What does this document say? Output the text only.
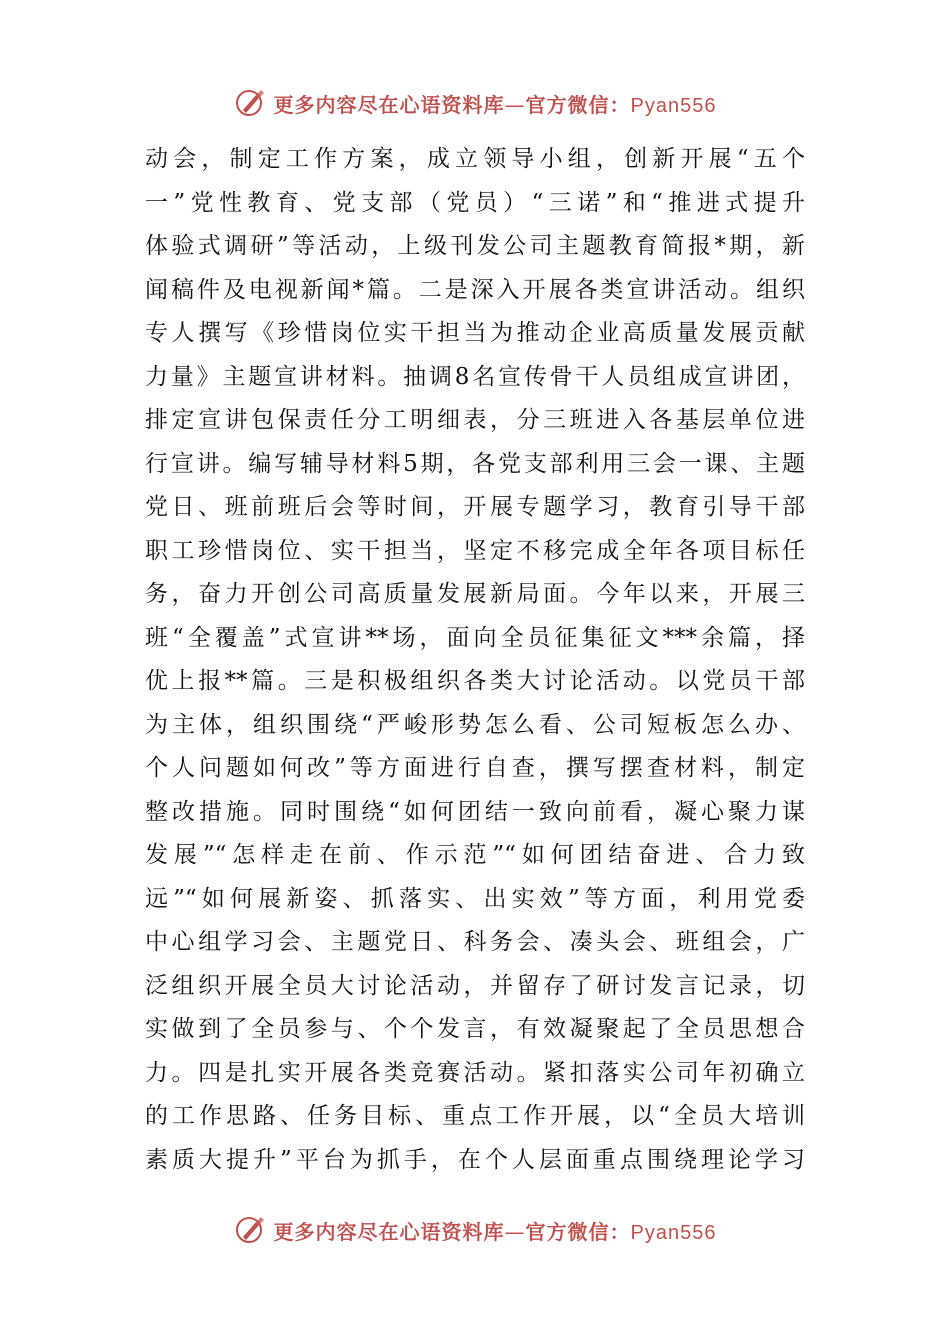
更多内容尽在心语资料库—官方微信：Pyan556
动会，制定工作方案，成立领导小组，创新开展“五个
一”党性教育、党支部（党员）“三诺”和“推进式提升
体验式调研”等活动，上级刊发公司主题教育简报*期，新
闻稿件及电视新闻*篇。二是深入开展各类宣讲活动。组织
专人撰写《珍惜岗位实干担当为推动企业高质量发展贡献
力量》主题宣讲材料。抽调8名宣传骨干人员组成宣讲团，
排定宣讲包保责任分工明细表，分三班进入各基层单位进
行宣讲。编写辅导材料5期，各党支部利用三会一课、主题
党日、班前班后会等时间，开展专题学习，教育引导干部
职工珍惜岗位、实干担当，坚定不移完成全年各项目标任
务，奋力开创公司高质量发展新局面。今年以来，开展三
班“全覆盖”式宣讲**场，面向全员征集征文***余篇，择
优上报**篇。三是积极组织各类大讨论活动。以党员干部
为主体，组织围绕“严峻形势怎么看、公司短板怎么办、
个人问题如何改”等方面进行自查，撰写摆查材料，制定
整改措施。同时围绕“如何团结一致向前看，凝心聚力谋
发展”“怎样走在前、作示范”“如何团结奋进、合力致
远”“如何展新姿、抓落实、出实效”等方面，利用党委
中心组学习会、主题党日、科务会、凑头会、班组会，广
泛组织开展全员大讨论活动，并留存了研讨发言记录，切
实做到了全员参与、个个发言，有效凝聚起了全员思想合
力。四是扎实开展各类竞赛活动。紧扣落实公司年初确立
的工作思路、任务目标、重点工作开展，以“全员大培训
素质大提升”平台为抓手，在个人层面重点围绕理论学习
更多内容尽在心语资料库—官方微信：Pyan556
